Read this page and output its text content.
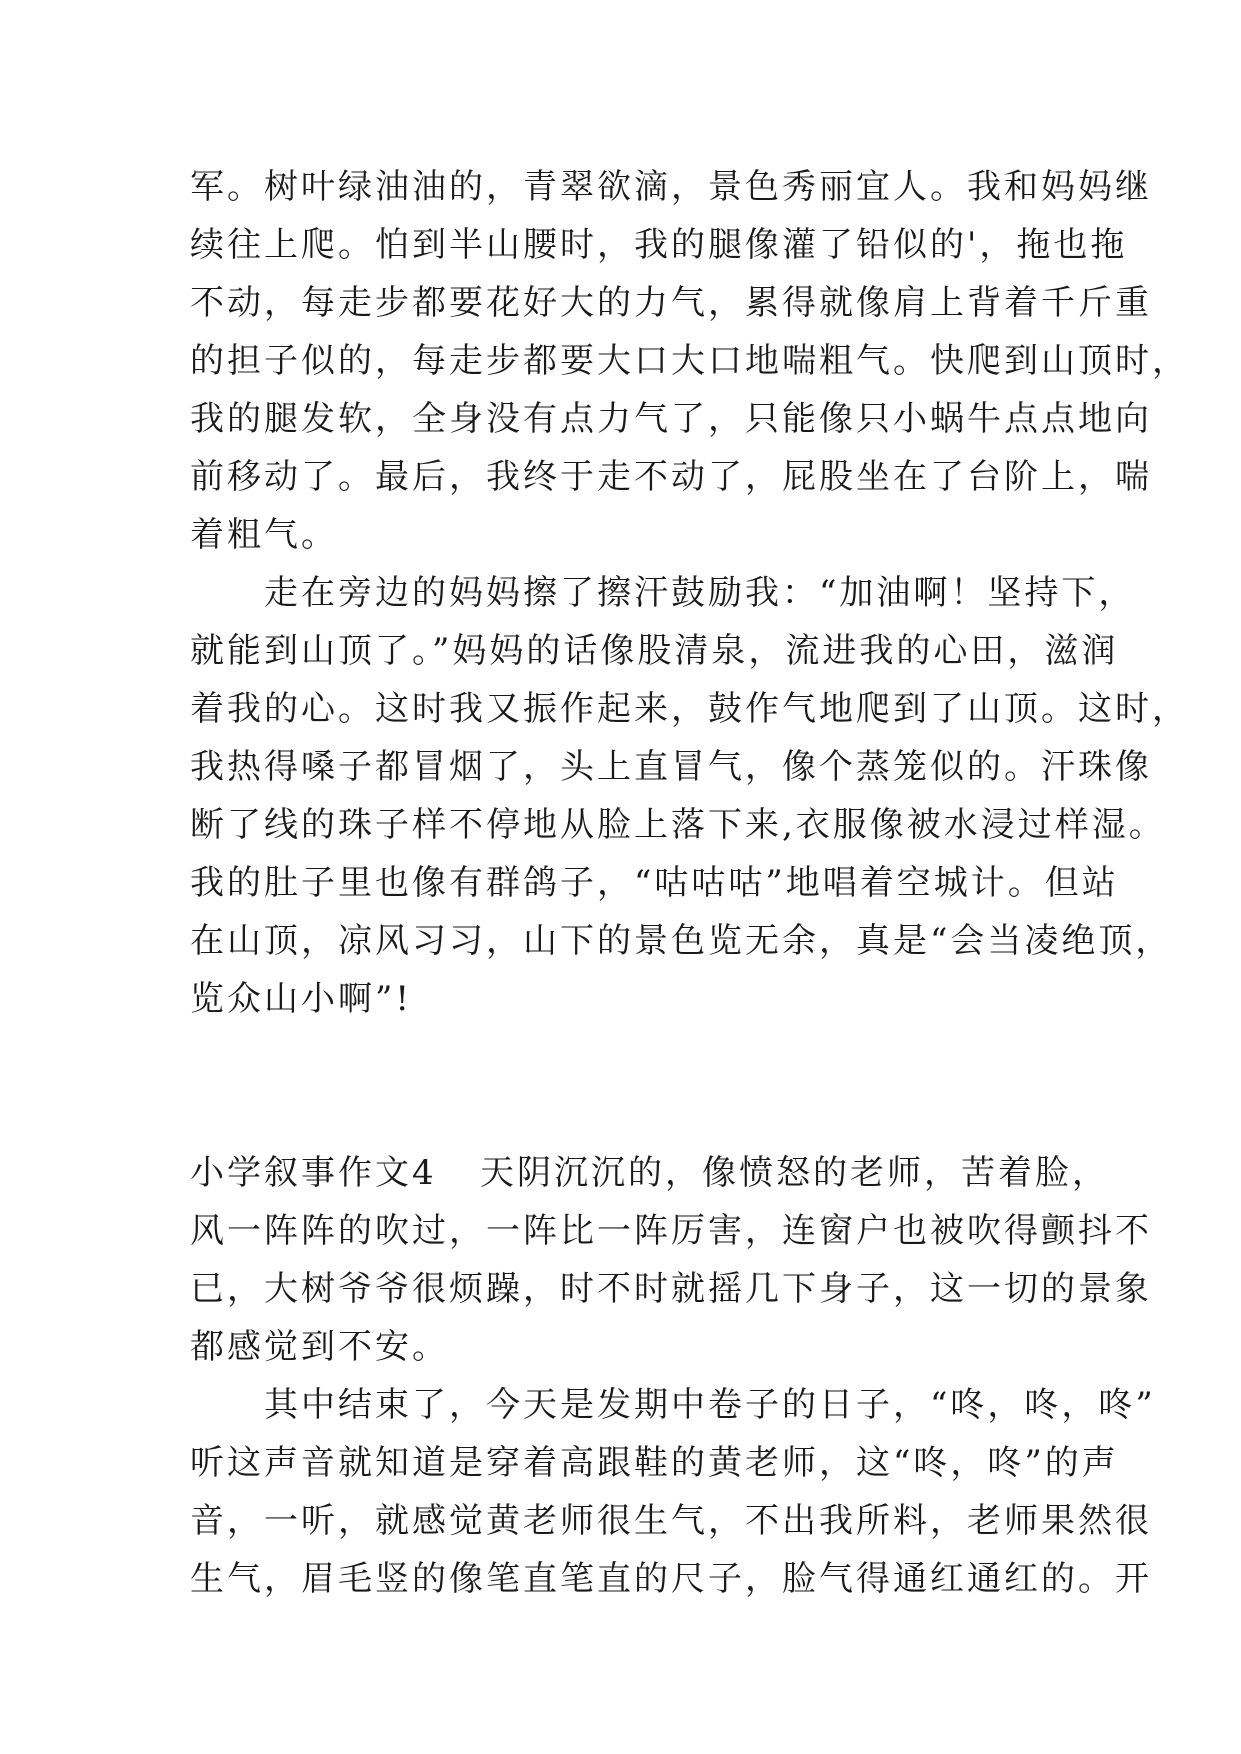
军。树叶绿油油的，青翠欲滴，景色秀丽宜人。我和妈妈继
续往上爬。怕到半山腰时，我的腿像灌了铅似的'，拖也拖
不动，每走步都要花好大的力气，累得就像肩上背着千斤重
的担子似的，每走步都要大口大口地喘粗气。快爬到山顶时，
我的腿发软，全身没有点力气了，只能像只小蜗牛点点地向
前移动了。最后，我终于走不动了，屁股坐在了台阶上，喘
着粗气。
　　走在旁边的妈妈擦了擦汗鼓励我：“加油啊！坚持下，
就能到山顶了。”妈妈的话像股清泉，流进我的心田，滋润
着我的心。这时我又振作起来，鼓作气地爬到了山顶。这时，
我热得嗓子都冒烟了，头上直冒气，像个蒸笼似的。汗珠像
断了线的珠子样不停地从脸上落下来,衣服像被水浸过样湿。
我的肚子里也像有群鸽子，“咕咕咕”地唱着空城计。但站
在山顶，凉风习习，山下的景色览无余，真是“会当凌绝顶，
览众山小啊”!
小学叙事作文4 天阴沉沉的，像愤怒的老师，苦着脸，
风一阵阵的吹过，一阵比一阵厉害，连窗户也被吹得颤抖不
已，大树爷爷很烦躁，时不时就摇几下身子，这一切的景象
都感觉到不安。
　　其中结束了，今天是发期中卷子的日子，“咚，咚，咚”
听这声音就知道是穿着高跟鞋的黄老师，这“咚，咚”的声
音，一听，就感觉黄老师很生气，不出我所料，老师果然很
生气，眉毛竖的像笔直笔直的尺子，脸气得通红通红的。开
